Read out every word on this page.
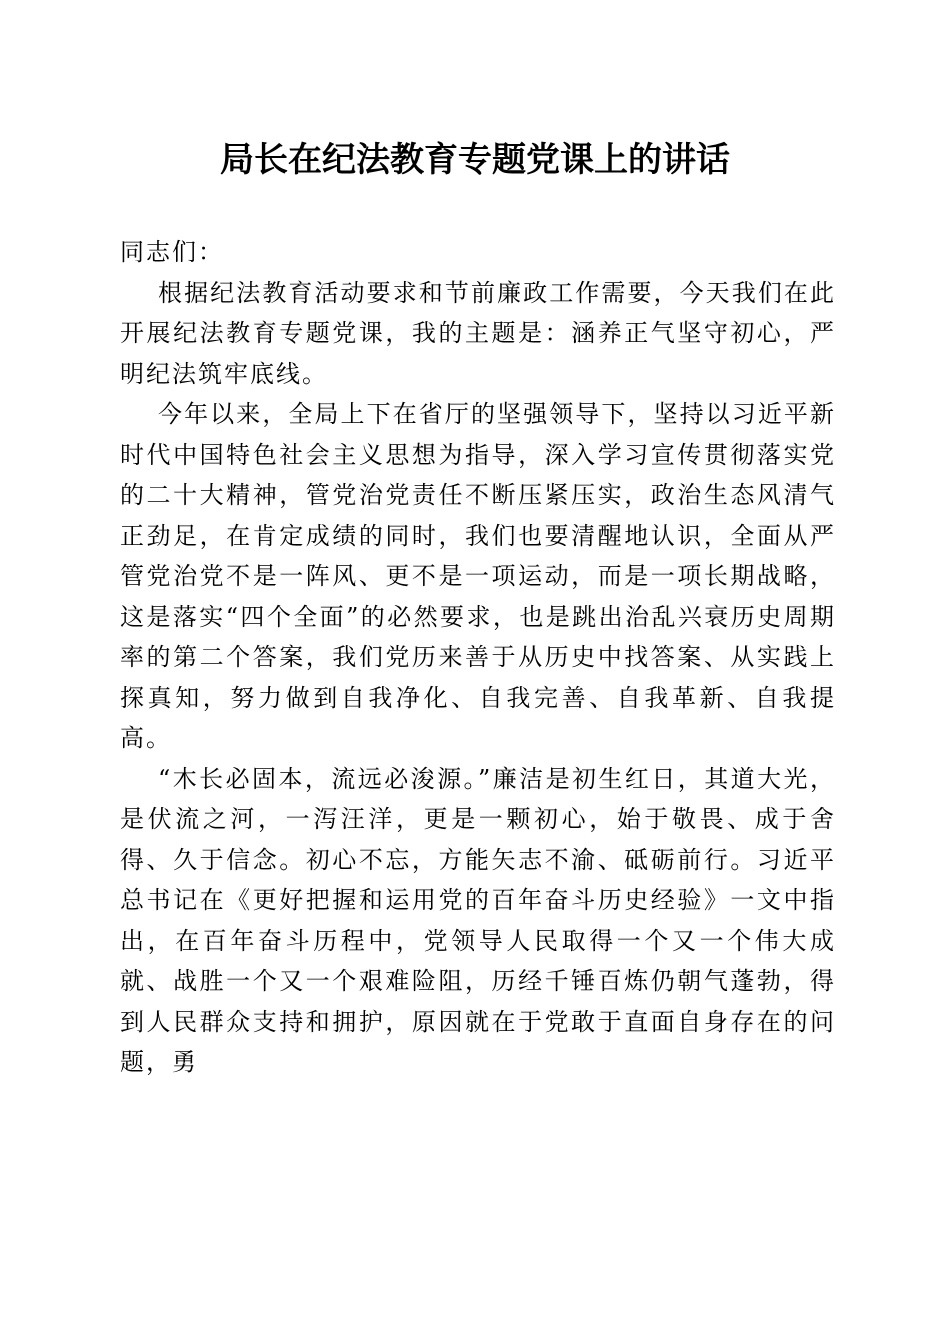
局长在纪法教育专题党课上的讲话

同志们：

根据纪法教育活动要求和节前廉政工作需要，今天我们在此开展纪法教育专题党课，我的主题是：涵养正气坚守初心，严明纪法筑牢底线。

今年以来，全局上下在省厅的坚强领导下，坚持以习近平新时代中国特色社会主义思想为指导，深入学习宣传贯彻落实党的二十大精神，管党治党责任不断压紧压实，政治生态风清气正劲足，在肯定成绩的同时，我们也要清醒地认识，全面从严管党治党不是一阵风、更不是一项运动，而是一项长期战略，这是落实“四个全面”的必然要求，也是跳出治乱兴衰历史周期率的第二个答案，我们党历来善于从历史中找答案、从实践上探真知，努力做到自我净化、自我完善、自我革新、自我提高。

“木长必固本，流远必浚源。”廉洁是初生红日，其道大光，是伏流之河，一泻汪洋，更是一颗初心，始于敬畏、成于舍得、久于信念。初心不忘，方能矢志不渝、砥砺前行。习近平总书记在《更好把握和运用党的百年奋斗历史经验》一文中指出，在百年奋斗历程中，党领导人民取得一个又一个伟大成就、战胜一个又一个艰难险阻，历经千锤百炼仍朝气蓬勃，得到人民群众支持和拥护，原因就在于党敢于直面自身存在的问题，勇
